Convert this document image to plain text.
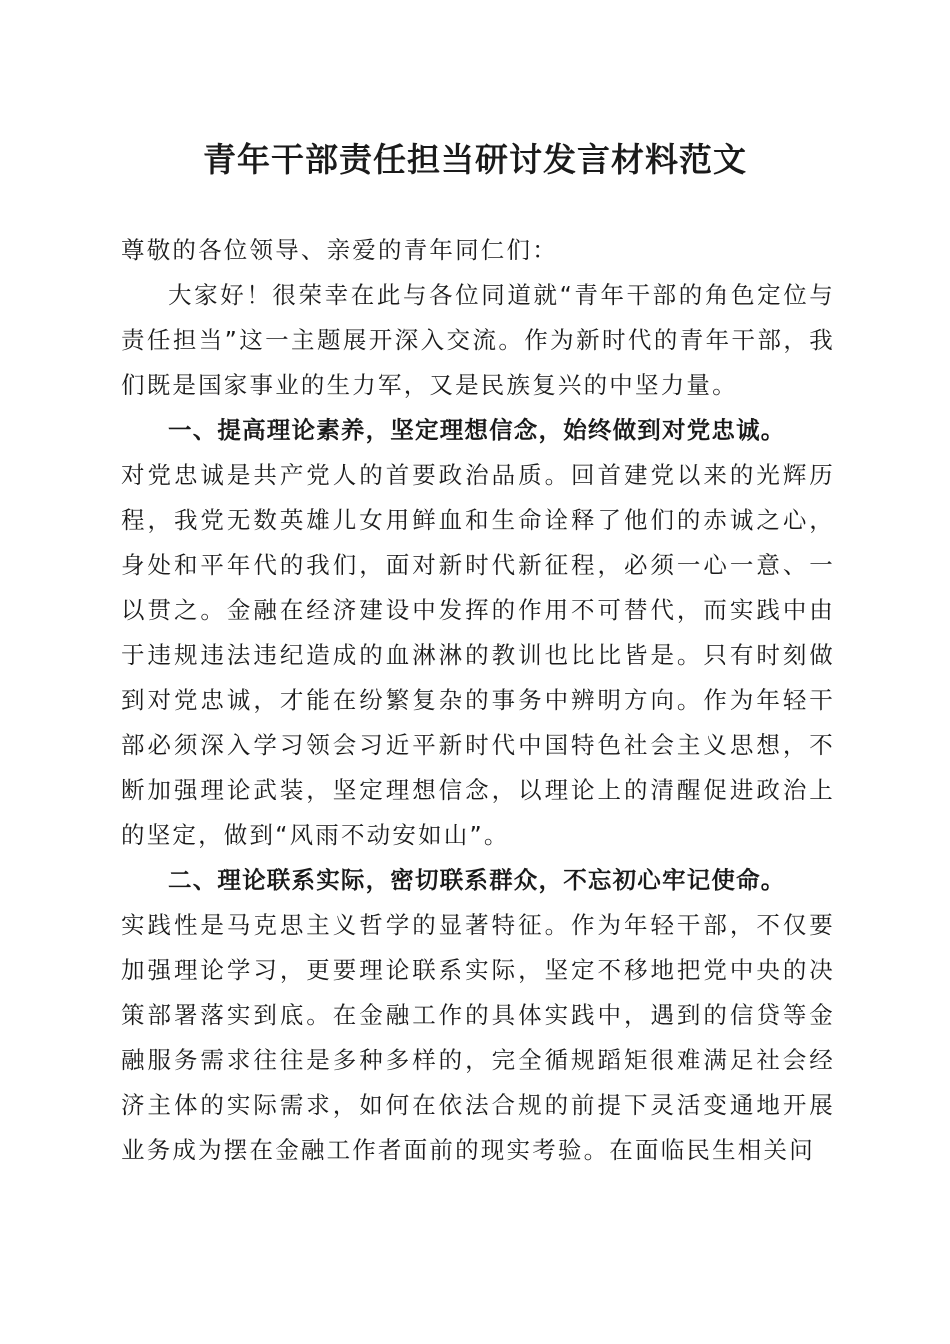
青年干部责任担当研讨发言材料范文

尊敬的各位领导、亲爱的青年同仁们：

大家好！很荣幸在此与各位同道就“青年干部的角色定位与责任担当”这一主题展开深入交流。作为新时代的青年干部，我们既是国家事业的生力军，又是民族复兴的中坚力量。

一、提高理论素养，坚定理想信念，始终做到对党忠诚。

对党忠诚是共产党人的首要政治品质。回首建党以来的光辉历程，我党无数英雄儿女用鲜血和生命诠释了他们的赤诚之心，身处和平年代的我们，面对新时代新征程，必须一心一意、一以贯之。金融在经济建设中发挥的作用不可替代，而实践中由于违规违法违纪造成的血淋淋的教训也比比皆是。只有时刻做到对党忠诚，才能在纷繁复杂的事务中辨明方向。作为年轻干部必须深入学习领会习近平新时代中国特色社会主义思想，不断加强理论武装，坚定理想信念，以理论上的清醒促进政治上的坚定，做到“风雨不动安如山”。

二、理论联系实际，密切联系群众，不忘初心牢记使命。

实践性是马克思主义哲学的显著特征。作为年轻干部，不仅要加强理论学习，更要理论联系实际，坚定不移地把党中央的决策部署落实到底。在金融工作的具体实践中，遇到的信贷等金融服务需求往往是多种多样的，完全循规蹈矩很难满足社会经济主体的实际需求，如何在依法合规的前提下灵活变通地开展业务成为摆在金融工作者面前的现实考验。在面临民生相关问
